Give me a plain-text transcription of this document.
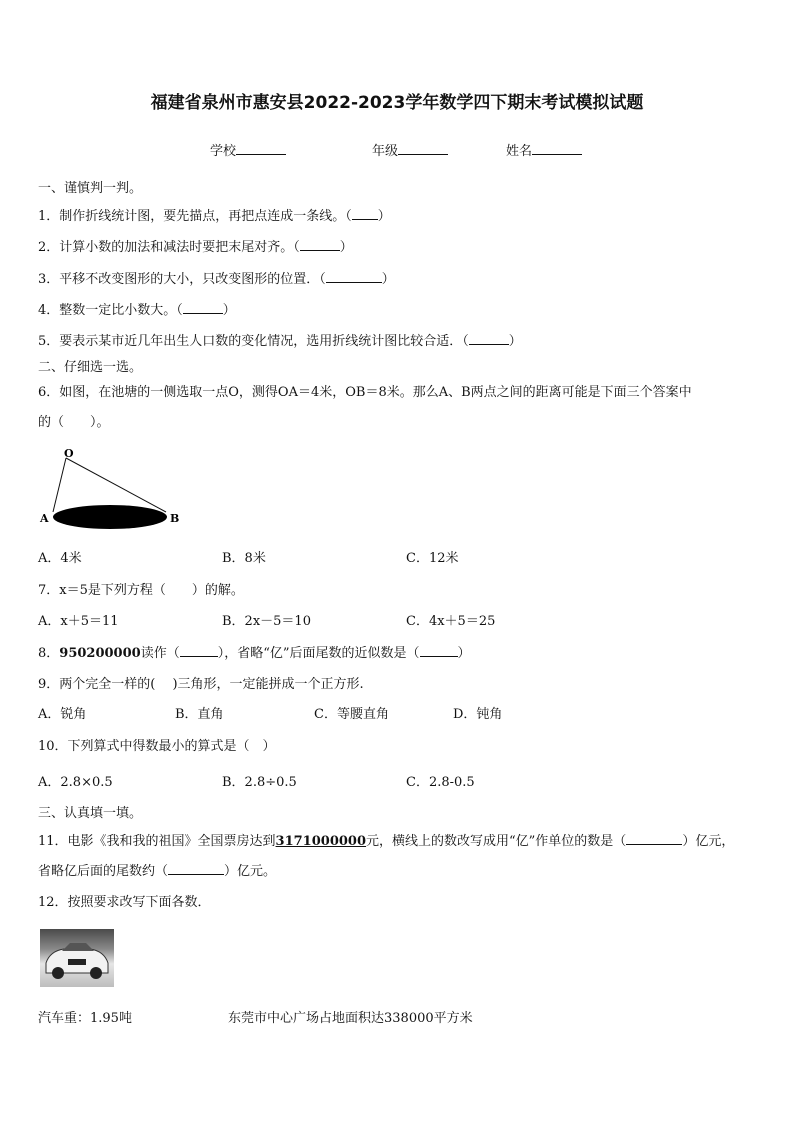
福建省泉州市惠安县2022-2023学年数学四下期末考试模拟试题
学校	年级	姓名
一、谨慎判一判。
1．制作折线统计图，要先描点，再把点连成一条线。（ ）
2．计算小数的加法和减法时要把末尾对齐。（	）
3．平移不改变图形的大小，只改变图形的位置．（	）
4．整数一定比小数大。（	）
5．要表示某市近几年出生人口数的变化情况，选用折线统计图比较合适．（	）
二、仔细选一选。
6．如图，在池塘的一侧选取一点O，测得OA＝4米，OB＝8米。那么A、B两点之间的距离可能是下面三个答案中
的（　　）。
O
A	B
A．4米	B．8米	C．12米
7．x＝5是下列方程（　　）的解。
A．x＋5＝11	B．2x－5＝10	C．4x＋5＝25
8．950200000读作（	），省略“亿”后面尾数的近似数是（	）
9．两个完全一样的(　 )三角形，一定能拼成一个正方形.
A．锐角	B．直角	C．等腰直角	D．钝角
10．下列算式中得数最小的算式是（　）
A．2.8×0.5	B．2.8÷0.5	C．2.8-0.5
三、认真填一填。
11．电影《我和我的祖国》全国票房达到3171000000元，横线上的数改写成用“亿”作单位的数是（	）亿元，
省略亿后面的尾数约（	）亿元。
12．按照要求改写下面各数．
汽车重：1.95吨	东莞市中心广场占地面积达338000平方米
